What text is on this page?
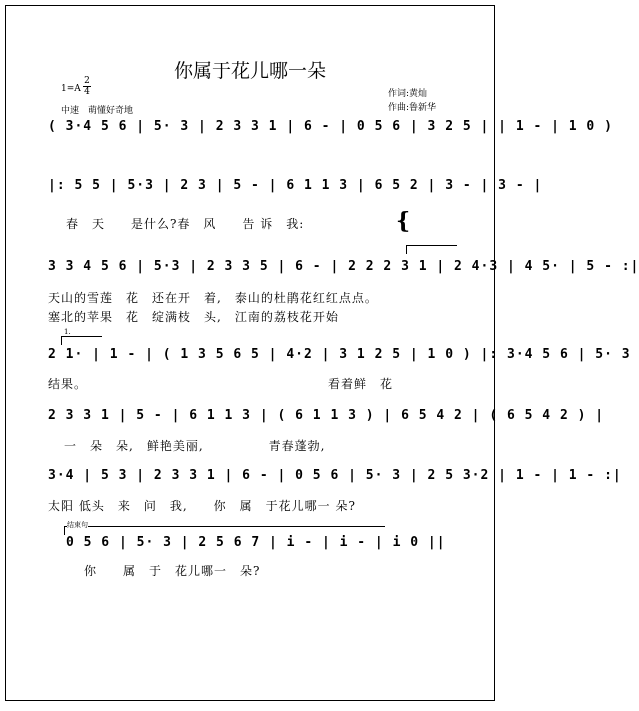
你属于花儿哪一朵
1=A
2
4
中速　萌懂好奇地
作词:黄灿
作曲:鲁新华
( 3·4 5 6 | 5· 3 | 2 3 3 1 | 6 - | 0 5 6 | 3 2 5 | | 1 - | 1 0 )
|: 5 5 | 5·3 | 2 3 | 5 - | 6 1 1 3 | 6 5 2 | 3 - | 3 - |
春　天　　是什么?春　风　　告 诉　我:	{
3 3 4 5 6 | 5·3 | 2 3 3 5 | 6 - | 2 2 2 3 1 | 2 4·3 | 4 5· | 5 - :|
天山的雪莲　花　还在开　着,　泰山的杜鹃花红红点点。
塞北的苹果　花　绽满枝　头,　江南的荔枝花开始
1.
2 1· | 1 - | ( 1 3 5 6 5 | 4·2 | 3 1 2 5 | 1 0 ) |: 3·4 5 6 | 5· 3
结果。　　　　　　　　　　　　　　　　　　　看着鲜　花
2 3 3 1 | 5 - | 6 1 1 3 | ( 6 1 1 3 ) | 6 5 4 2 | ( 6 5 4 2 ) |
一　朵　朵,　鲜艳美丽,　　　　　青春蓬勃,
3·4 | 5 3 | 2 3 3 1 | 6 - | 0 5 6 | 5· 3 | 2 5 3·2 | 1 - | 1 - :|
太阳 低头　来　问　我,　　你　属　于花儿哪一 朵?
结束句
0 5 6 | 5· 3 | 2 5 6 7 | i - | i - | i 0 ||
你　　属　于　花儿哪一　朵?
